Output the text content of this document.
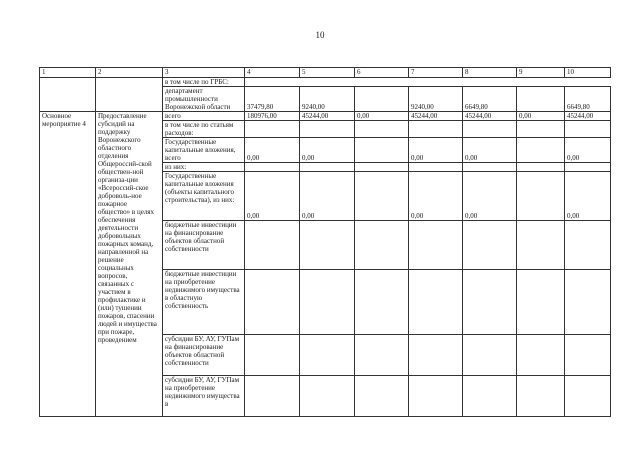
10
1	2	3	4	5	6	7	8	9	10
		в том числе по ГРБС:							
		департамент промышленности Воронежской области	37479,80	9240,00		9240,00	6649,80		6649,80
Основное мероприятие 4	Предоставление субсидий на поддержку Воронежского областного отделения Общероссий-ской обществен-ной организа-ции «Всероссий-ское доброволь-ное пожарное общество» в целях обеспечения деятельности добровольных пожарных команд, направленной на решение социальных вопросов, связанных с участием в профилактике и (или) тушении пожаров, спасении людей и имущества при пожаре, проведением	всего	180976,00	45244,00	0,00	45244,00	45244,00	0,00	45244,00
		в том числе по статьям расходов:							
		Государственные капитальные вложения, всего	0,00	0,00		0,00	0,00		0,00
		из них:							
		Государственные капитальные вложения (объекты капитального строительства), из них:	0,00	0,00		0,00	0,00		0,00
		бюджетные инвестиции на финансирование объектов областной собственности							
		бюджетные инвестиции на приобретение недвижимого имущества в областную собственность							
		субсидии БУ, АУ, ГУПам на финансирование объектов областной собственности							
		субсидии БУ, АУ, ГУПам на приобретение недвижимого имущества в							
